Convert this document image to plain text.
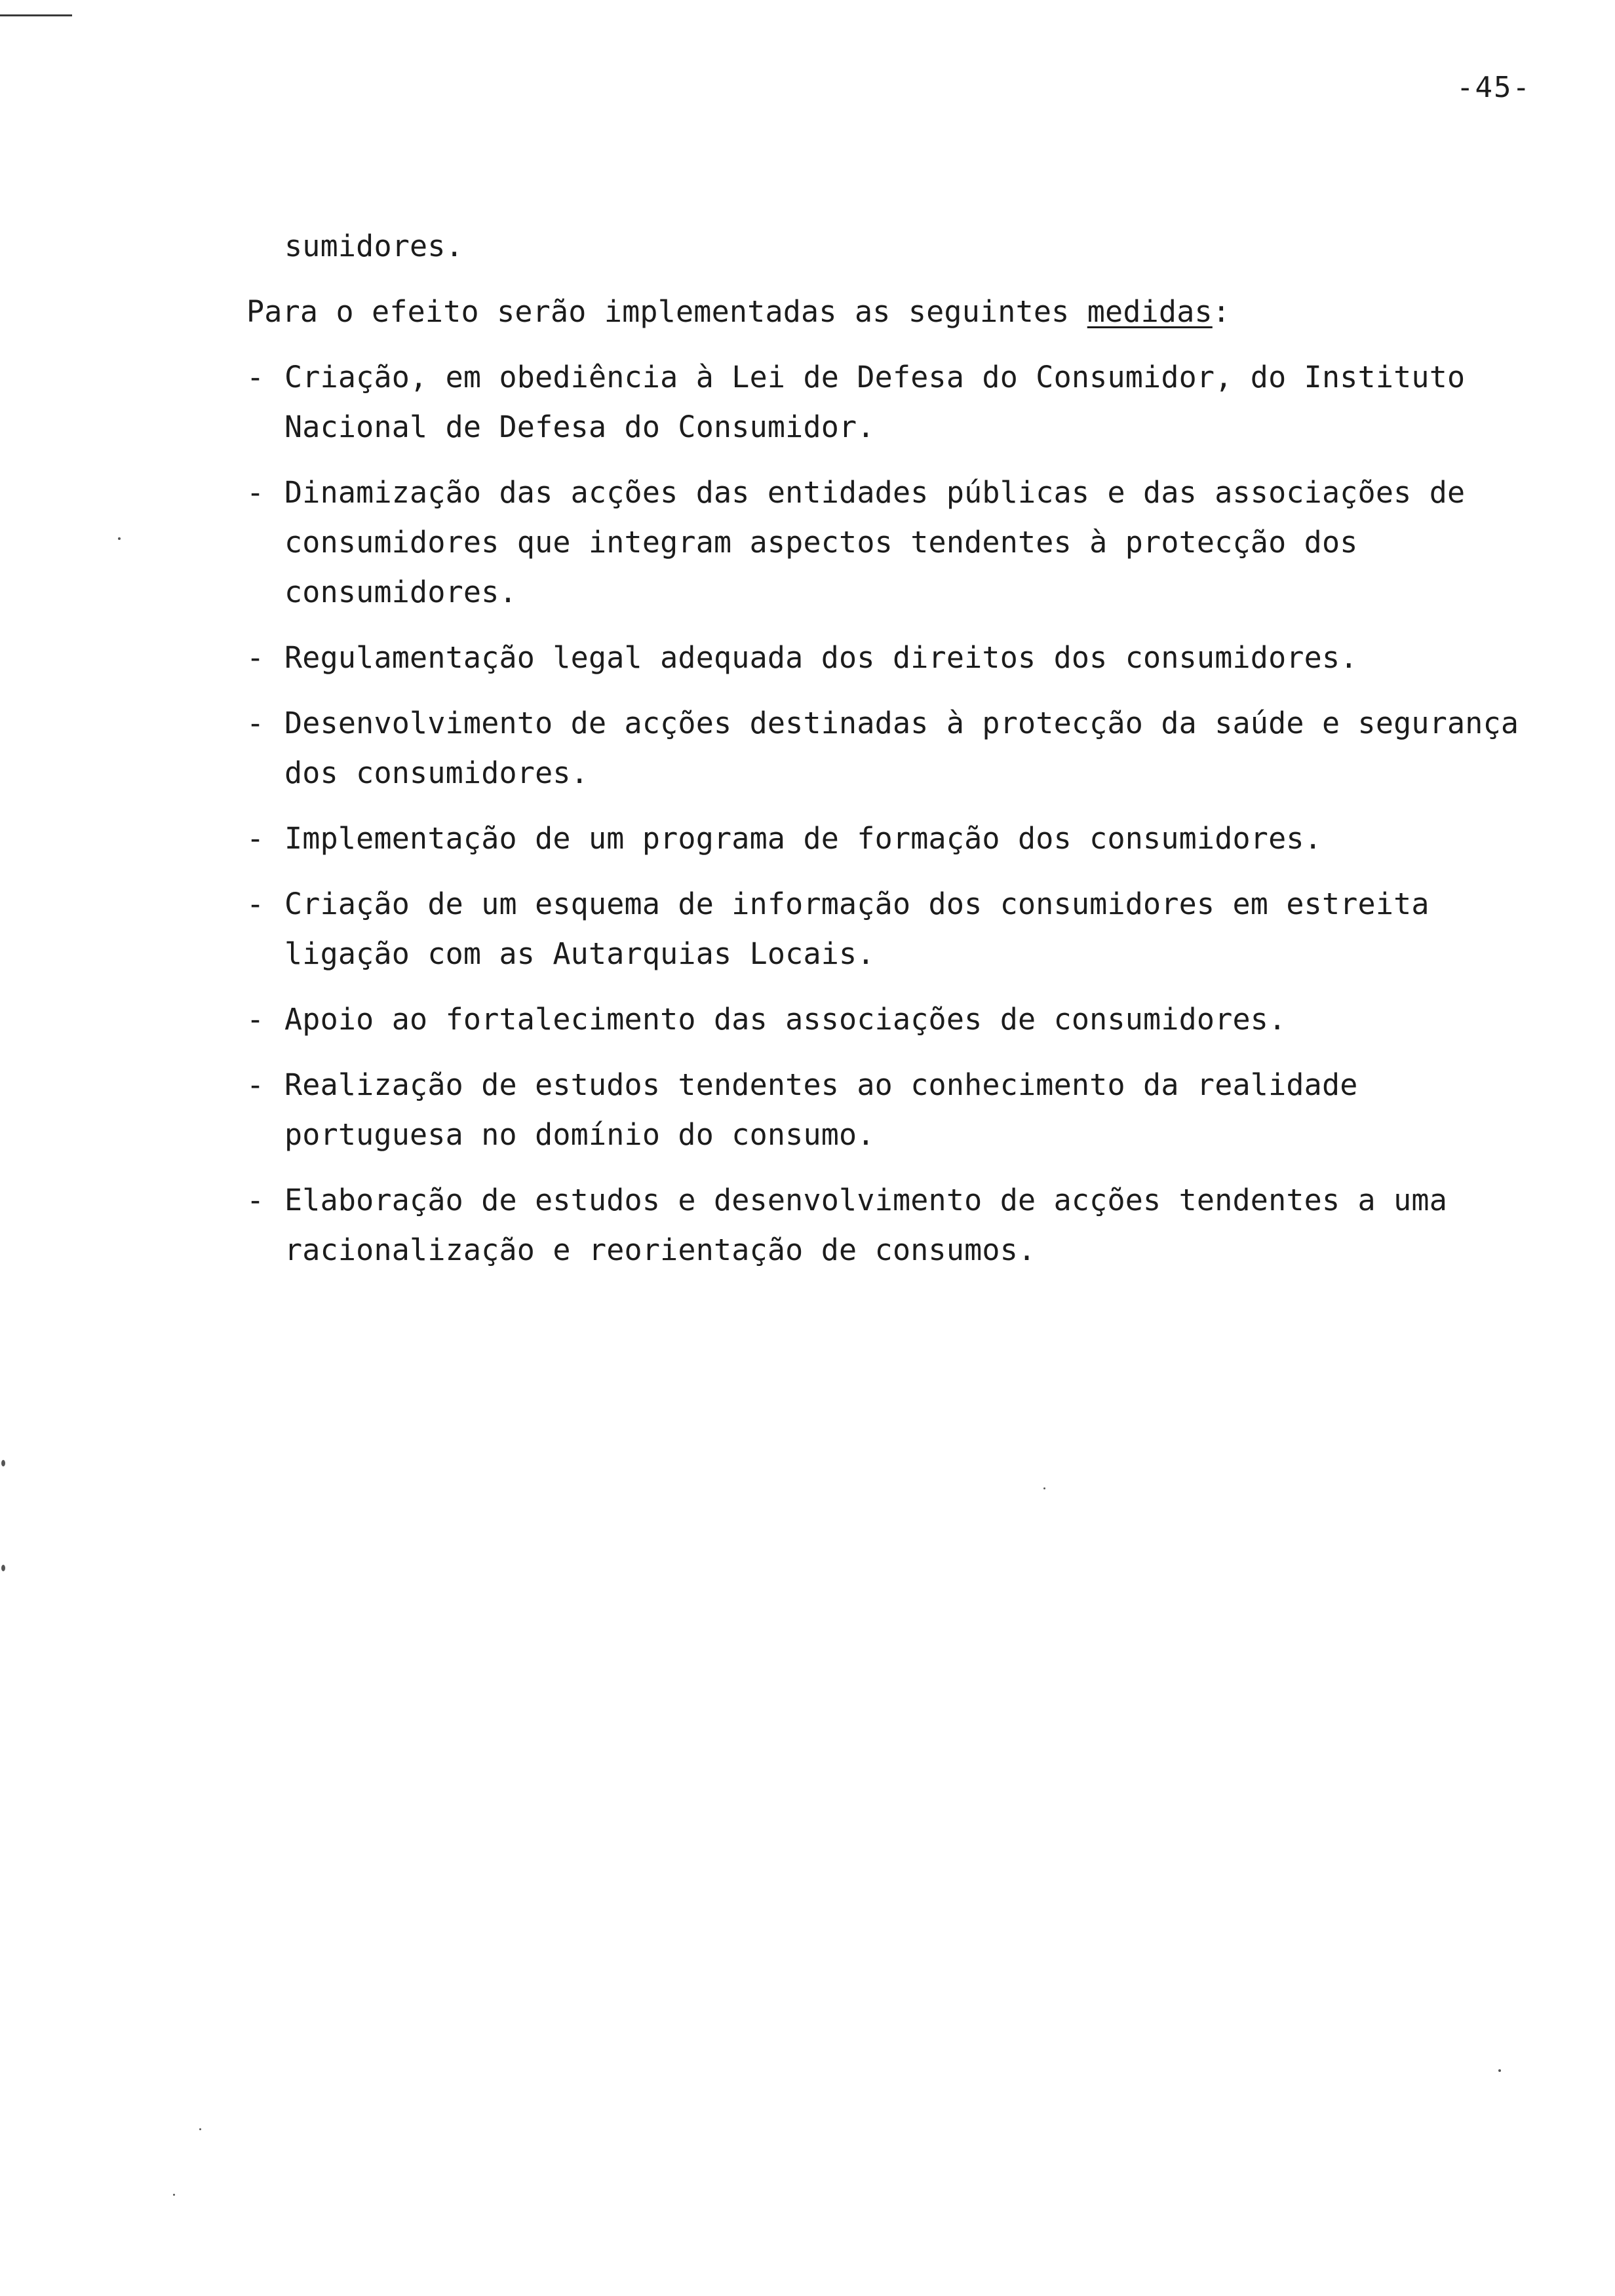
-45-

sumidores.

Para o efeito serão implementadas as seguintes medidas:

- Criação, em obediência à Lei de Defesa do Consumidor, do Instituto Nacional de Defesa do Consumidor.
- Dinamização das acções das entidades públicas e das associações de consumidores que integram aspectos tendentes à protecção dos consumidores.
- Regulamentação legal adequada dos direitos dos consumidores.
- Desenvolvimento de acções destinadas à protecção da saúde e segurança dos consumidores.
- Implementação de um programa de formação dos consumidores.
- Criação de um esquema de informação dos consumidores em estreita ligação com as Autarquias Locais.
- Apoio ao fortalecimento das associações de consumidores.
- Realização de estudos tendentes ao conhecimento da realidade portuguesa no domínio do consumo.
- Elaboração de estudos e desenvolvimento de acções tendentes a uma racionalização e reorientação de consumos.
